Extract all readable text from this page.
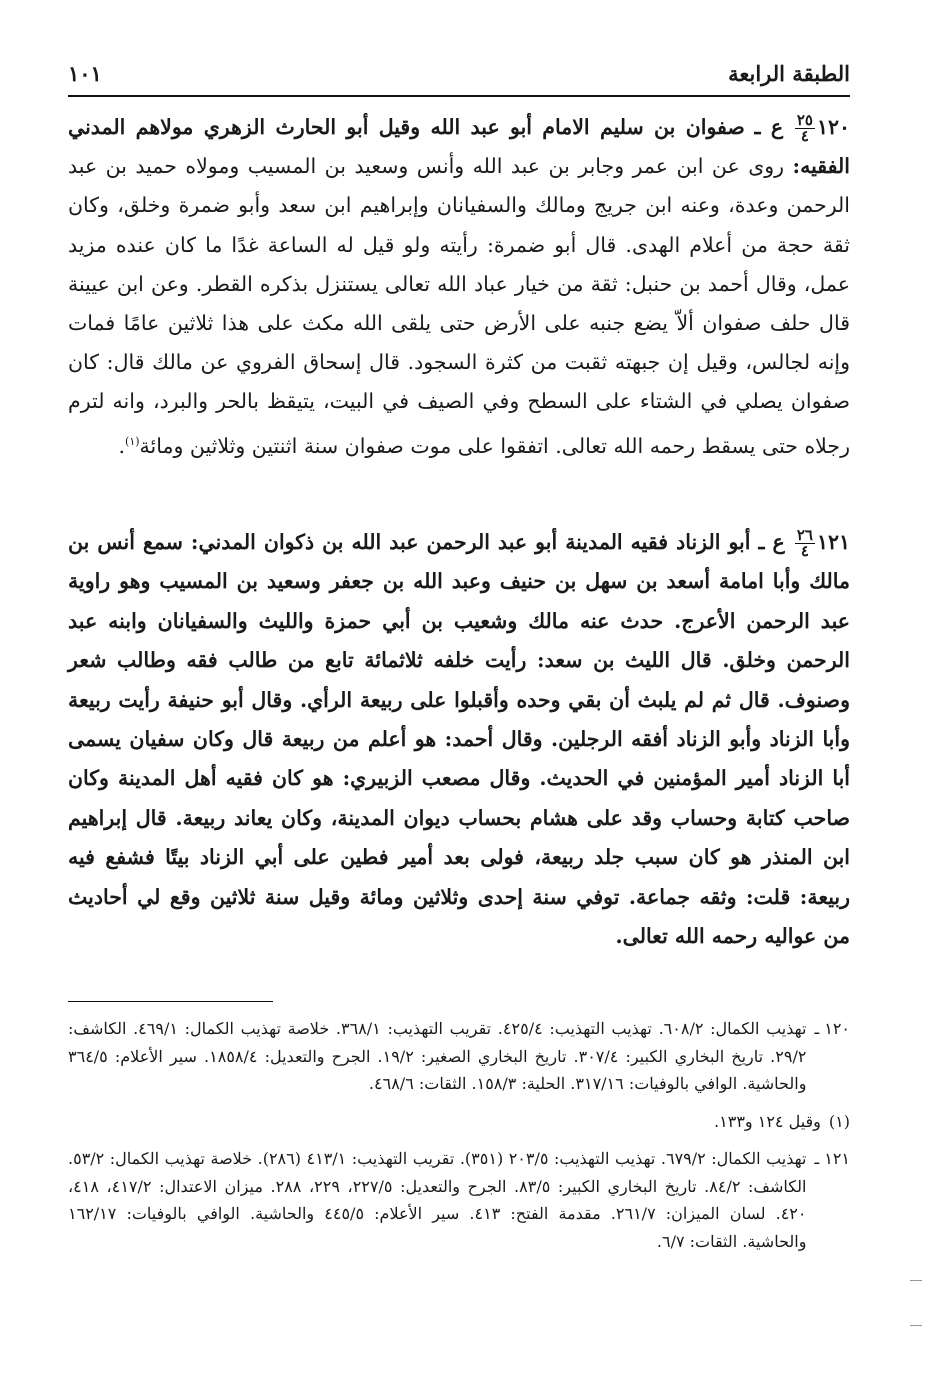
الطبقة الرابعة
١٠١

١٢٠
$\frac{٢٥}{٤}$
ع ـ صفوان بن سليم الامام أبو عبد الله وقيل أبو الحارث الزهري مولاهم المدني الفقيه: روى عن ابن عمر وجابر بن عبد الله وأنس وسعيد بن المسيب ومولاه حميد بن عبد الرحمن وعدة، وعنه ابن جريج ومالك والسفيانان وإبراهيم ابن سعد وأبو ضمرة وخلق، وكان ثقة حجة من أعلام الهدى. قال أبو ضمرة: رأيته ولو قيل له الساعة غدًا ما كان عنده مزيد عمل، وقال أحمد بن حنبل: ثقة من خيار عباد الله تعالى يستنزل بذكره القطر. وعن ابن عيينة قال حلف صفوان ألاّ يضع جنبه على الأرض حتى يلقى الله مكث على هذا ثلاثين عامًا فمات وإنه لجالس، وقيل إن جبهته ثقبت من كثرة السجود. قال إسحاق الفروي عن مالك قال: كان صفوان يصلي في الشتاء على السطح وفي الصيف في البيت، يتيقظ بالحر والبرد، وانه لترم رجلاه حتى يسقط رحمه الله تعالى. اتفقوا على موت صفوان سنة اثنتين وثلاثين ومائة$^{(١)}$.

١٢١
$\frac{٢٦}{٤}$
ع ـ أبو الزناد فقيه المدينة أبو عبد الرحمن عبد الله بن ذكوان المدني: سمع أنس بن مالك وأبا امامة أسعد بن سهل بن حنيف وعبد الله بن جعفر وسعيد بن المسيب وهو راوية عبد الرحمن الأعرج. حدث عنه مالك وشعيب بن أبي حمزة والليث والسفيانان وابنه عبد الرحمن وخلق. قال الليث بن سعد: رأيت خلفه ثلاثمائة تابع من طالب فقه وطالب شعر وصنوف. قال ثم لم يلبث أن بقي وحده وأقبلوا على ربيعة الرأي. وقال أبو حنيفة رأيت ربيعة وأبا الزناد وأبو الزناد أفقه الرجلين. وقال أحمد: هو أعلم من ربيعة قال وكان سفيان يسمى أبا الزناد أمير المؤمنين في الحديث. وقال مصعب الزبيري: هو كان فقيه أهل المدينة وكان صاحب كتابة وحساب وقد على هشام بحساب ديوان المدينة، وكان يعاند ربيعة. قال إبراهيم ابن المنذر هو كان سبب جلد ربيعة، فولى بعد أمير فطين على أبي الزناد بيتًا فشفع فيه ربيعة: قلت: وثقه جماعة. توفي سنة إحدى وثلاثين ومائة وقيل سنة ثلاثين وقع لي أحاديث من عواليه رحمه الله تعالى.

١٢٠ ـ
تهذيب الكمال: ٦٠٨/٢. تهذيب التهذيب: ٤٢٥/٤. تقريب التهذيب: ٣٦٨/١. خلاصة تهذيب الكمال: ٤٦٩/١. الكاشف: ٢٩/٢. تاريخ البخاري الكبير: ٣٠٧/٤. تاريخ البخاري الصغير: ١٩/٢. الجرح والتعديل: ١٨٥٨/٤. سير الأعلام: ٣٦٤/٥ والحاشية. الوافي بالوفيات: ٣١٧/١٦. الحلية: ١٥٨/٣. الثقات: ٤٦٨/٦.

(١)
وقيل ١٢٤ و١٣٣.

١٢١ ـ
تهذيب الكمال: ٦٧٩/٢. تهذيب التهذيب: ٢٠٣/٥ (٣٥١). تقريب التهذيب: ٤١٣/١ (٢٨٦). خلاصة تهذيب الكمال: ٥٣/٢. الكاشف: ٨٤/٢. تاريخ البخاري الكبير: ٨٣/٥. الجرح والتعديل: ٢٢٧/٥، ٢٢٩، ٢٨٨. ميزان الاعتدال: ٤١٧/٢، ٤١٨، ٤٢٠. لسان الميزان: ٢٦١/٧. مقدمة الفتح: ٤١٣. سير الأعلام: ٤٤٥/٥ والحاشية. الوافي بالوفيات: ١٦٢/١٧ والحاشية. الثقات: ٦/٧.
